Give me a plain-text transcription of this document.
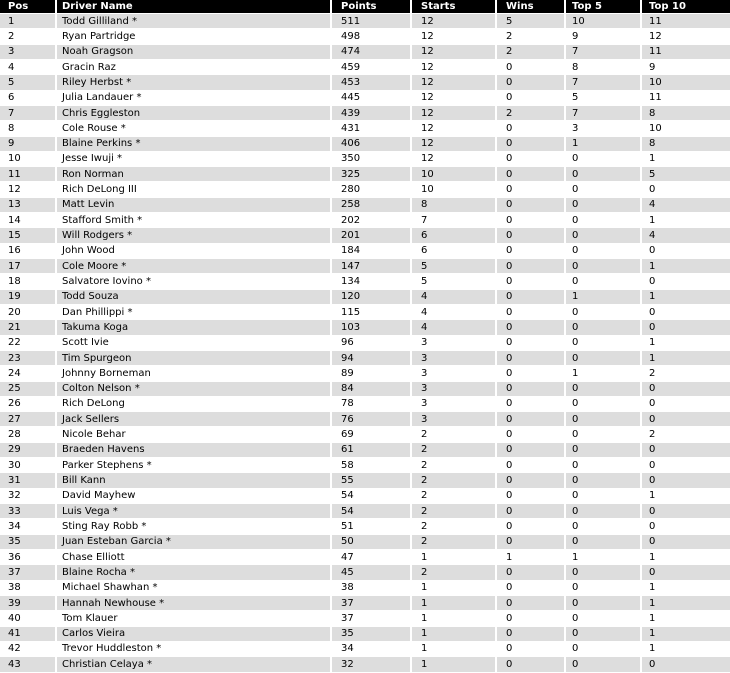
Pos	Driver Name	Points	Starts	Wins	Top 5	Top 10
1	Todd Gilliland *	511	12	5	10	11
2	Ryan Partridge	498	12	2	9	12
3	Noah Gragson	474	12	2	7	11
4	Gracin Raz	459	12	0	8	9
5	Riley Herbst *	453	12	0	7	10
6	Julia Landauer *	445	12	0	5	11
7	Chris Eggleston	439	12	2	7	8
8	Cole Rouse *	431	12	0	3	10
9	Blaine Perkins *	406	12	0	1	8
10	Jesse Iwuji *	350	12	0	0	1
11	Ron Norman	325	10	0	0	5
12	Rich DeLong III	280	10	0	0	0
13	Matt Levin	258	8	0	0	4
14	Stafford Smith *	202	7	0	0	1
15	Will Rodgers *	201	6	0	0	4
16	John Wood	184	6	0	0	0
17	Cole Moore *	147	5	0	0	1
18	Salvatore Iovino *	134	5	0	0	0
19	Todd Souza	120	4	0	1	1
20	Dan Phillippi *	115	4	0	0	0
21	Takuma Koga	103	4	0	0	0
22	Scott Ivie	96	3	0	0	1
23	Tim Spurgeon	94	3	0	0	1
24	Johnny Borneman	89	3	0	1	2
25	Colton Nelson *	84	3	0	0	0
26	Rich DeLong	78	3	0	0	0
27	Jack Sellers	76	3	0	0	0
28	Nicole Behar	69	2	0	0	2
29	Braeden Havens	61	2	0	0	0
30	Parker Stephens *	58	2	0	0	0
31	Bill Kann	55	2	0	0	0
32	David Mayhew	54	2	0	0	1
33	Luis Vega *	54	2	0	0	0
34	Sting Ray Robb *	51	2	0	0	0
35	Juan Esteban Garcia *	50	2	0	0	0
36	Chase Elliott	47	1	1	1	1
37	Blaine Rocha *	45	2	0	0	0
38	Michael Shawhan *	38	1	0	0	1
39	Hannah Newhouse *	37	1	0	0	1
40	Tom Klauer	37	1	0	0	1
41	Carlos Vieira	35	1	0	0	1
42	Trevor Huddleston *	34	1	0	0	1
43	Christian Celaya *	32	1	0	0	0
